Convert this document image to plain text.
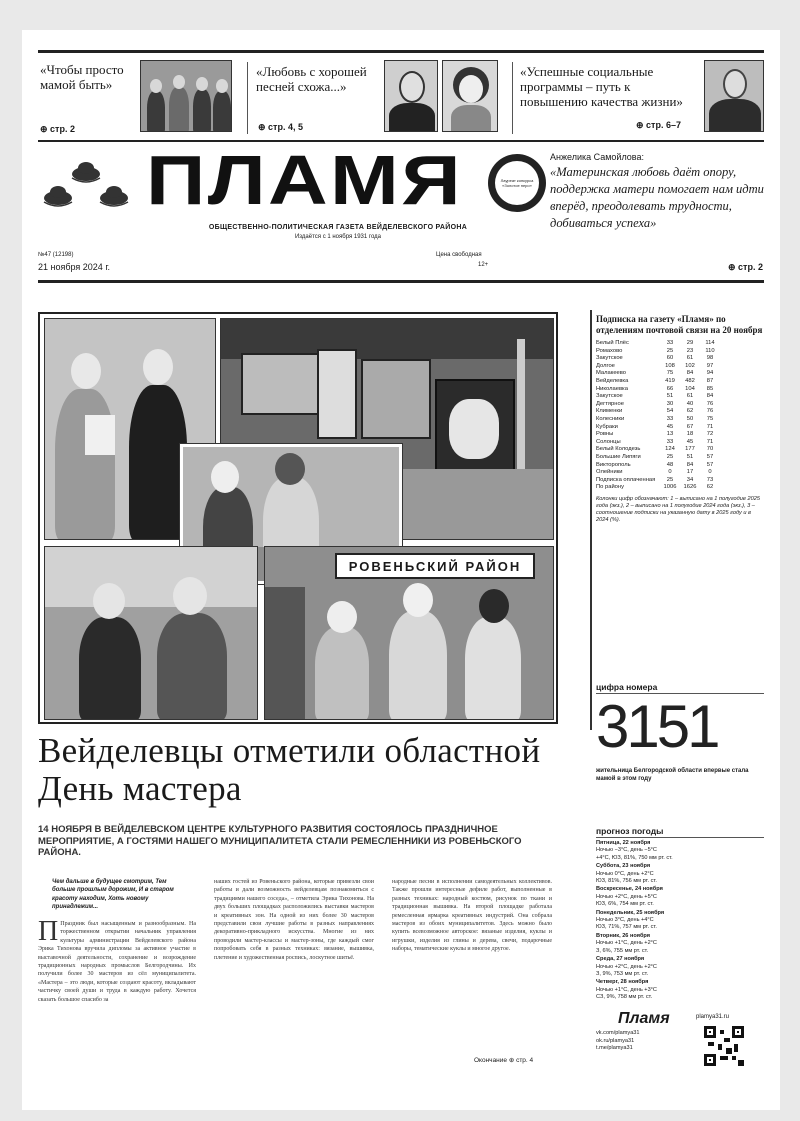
«Чтобы просто мамой быть»
⊕ стр. 2
«Любовь с хорошей песней схожа...»
⊕ стр. 4, 5
«Успешные социальные программы – путь к повышению качества жизни»
⊕ стр. 6–7
ПЛАМЯ	Лауреат конкурса «Золотое перо»
ОБЩЕСТВЕННО-ПОЛИТИЧЕСКАЯ ГАЗЕТА ВЕЙДЕЛЕВСКОГО РАЙОНА
Издаётся с 1 ноября 1931 года
№47 (12198)
21 ноября 2024 г.
Цена свободная
12+
Анжелика Самойлова:
«Материнская любовь даёт опору, поддержка матери помогает нам идти вперёд, преодолевать трудности, добиваться успеха»
⊕ стр. 2
РОВЕНЬСКИЙ РАЙОН
Подписка на газету «Пламя» по отделениям почтовой связи на 20 ноября
Белый Плёс	33	29	114
Ромахово	25	23	110
Закутское	60	61	98
Долгое	108	102	97
Малакеево	75	84	94
Вейделевка	419	482	87
Николаевка	66	104	85
Закутское	51	61	84
Дегтярное	30	40	76
Клименки	54	62	76
Колесники	33	50	75
Кубраки	45	67	71
Ровны	13	18	72
Солонцы	33	45	71
Белый Колодезь	124	177	70
Большие Липяги	25	51	57
Викторополь	48	84	57
Олейники	0	17	0
Подписка оплаченная	25	34	73
По району	1006	1626	62
Колонки цифр обозначают: 1 – выписано на 1 полугодие 2025 года (экз.), 2 – выписано на 1 полугодие 2024 года (экз.), 3 – соотношение подписки на указанную дату в 2025 году и в 2024 (%).
цифра номера
3151
жительница Белгородской области впервые стала мамой в этом году
прогноз погоды
Пятница, 22 ноября
Ночью −3°С, день −5°С
+4°С, ЮЗ, 81%, 750 мм рт. ст.
Суббота, 23 ноября
Ночью 0°С, день +2°С
ЮЗ, 81%, 756 мм рт. ст.
Воскресенье, 24 ноября
Ночью +2°С, день +5°С
ЮЗ, 6%, 754 мм рт. ст.
Понедельник, 25 ноября
Ночью 3°С, день +4°С
ЮЗ, 71%, 757 мм рт. ст.
Вторник, 26 ноября
Ночью +1°С, день +2°С
З, 6%, 755 мм рт. ст.
Среда, 27 ноября
Ночью +2°С, день +2°С
З, 9%, 753 мм рт. ст.
Четверг, 28 ноября
Ночью +1°С, день +3°С
СЗ, 9%, 758 мм рт. ст.
Пламя	plamya31.ru
vk.com/plamya31
ok.ru/plamya31
t.me/plamya31
Вейделевцы отметили областной День мастера
14 НОЯБРЯ В ВЕЙДЕЛЕВСКОМ ЦЕНТРЕ КУЛЬТУРНОГО РАЗВИТИЯ СОСТОЯЛОСЬ ПРАЗДНИЧНОЕ МЕРОПРИЯТИЕ, А ГОСТЯМИ НАШЕГО МУНИЦИПАЛИТЕТА СТАЛИ РЕМЕСЛЕННИКИ ИЗ РОВЕНЬСКОГО РАЙОНА.
Чем дальше в будущее смотрим, Тем больше прошлым дорожим, И в старом красоту находим, Хоть новому принадлежим...
П Праздник был насыщенным и разнообразным. На торжественном открытии начальник управления культуры администрации Вейделевского района Эрика Тихонова вручила дипломы за активное участие в выставочной деятельности, сохранение и возрождение традиционных народных промыслов Белгородчины. Их получили более 30 мастеров из сёл муниципалитета. «Мастера – это люди, которые создают красоту, вкладывают частичку своей души и труда в каждую работу. Хочется сказать большое спасибо за
наших гостей из Ровеньского района, которые привезли свои работы и дали возможность вейделевцам познакомиться с традициями нашего соседа», – отметила Эрика Тихонова. На двух больших площадках расположились выставки мастеров и креативных зон. На одной из них более 30 мастеров представили свои лучшие работы в разных направлениях декоративно-прикладного искусства. Многие из них проводили мастер-классы и мастер-зоны, где каждый смог попробовать себя в разных техниках: вязание, вышивка, плетение и художественная роспись, лоскутное шитьё.
народные песни в исполнении самодеятельных коллективов. Также прошли интересные дефиле работ, выполненные в разных техниках: народный костюм, рисунок по ткани и традиционная вышивка. На второй площадке работала ремесленная ярмарка креативных индустрий. Она собрала мастеров из обоих муниципалитетов. Здесь можно было купить всевозможное авторское: вязаные изделия, куклы и игрушки, изделия из глины и дерева, свечи, подарочные наборы, тематические куклы и многое другое.
Окончание ⊕ стр. 4
